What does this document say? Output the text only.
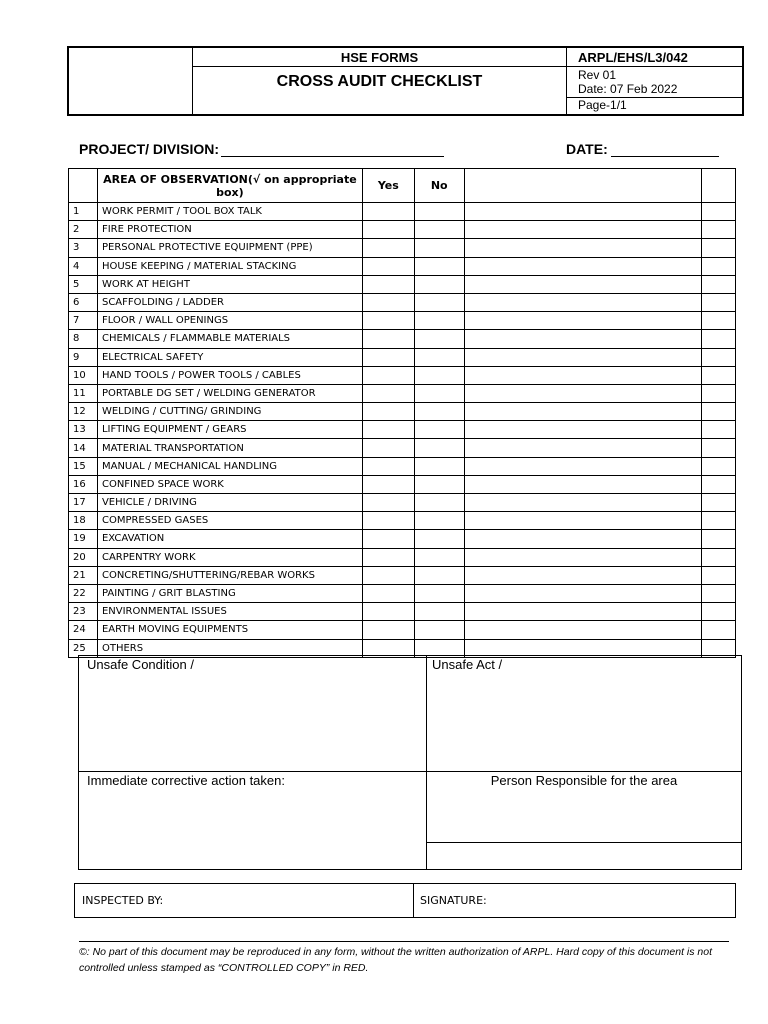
HSE FORMS
CROSS AUDIT CHECKLIST
ARPL/EHS/L3/042
Rev 01
Date: 07 Feb 2022
Page-1/1
PROJECT/ DIVISION:	DATE:
	AREA OF OBSERVATION(√ on appropriate box)	Yes	No		
1	WORK PERMIT / TOOL BOX TALK				
2	FIRE PROTECTION				
3	PERSONAL PROTECTIVE EQUIPMENT (PPE)				
4	HOUSE KEEPING / MATERIAL STACKING				
5	WORK AT HEIGHT				
6	SCAFFOLDING / LADDER				
7	FLOOR / WALL OPENINGS				
8	CHEMICALS / FLAMMABLE MATERIALS				
9	ELECTRICAL SAFETY				
10	HAND TOOLS / POWER TOOLS / CABLES				
11	PORTABLE DG SET / WELDING GENERATOR				
12	WELDING / CUTTING/ GRINDING				
13	LIFTING EQUIPMENT / GEARS				
14	MATERIAL TRANSPORTATION				
15	MANUAL / MECHANICAL HANDLING				
16	CONFINED SPACE WORK				
17	VEHICLE / DRIVING				
18	COMPRESSED GASES				
19	EXCAVATION				
20	CARPENTRY WORK				
21	CONCRETING/SHUTTERING/REBAR WORKS				
22	PAINTING / GRIT BLASTING				
23	ENVIRONMENTAL ISSUES				
24	EARTH MOVING EQUIPMENTS				
25	OTHERS				
Unsafe Condition /	Unsafe Act /
Immediate corrective action taken:	Person Responsible for the area
INSPECTED BY:	SIGNATURE:
©: No part of this document may be reproduced in any form, without the written authorization of ARPL. Hard copy of this document is not controlled unless stamped as “CONTROLLED COPY” in RED.
